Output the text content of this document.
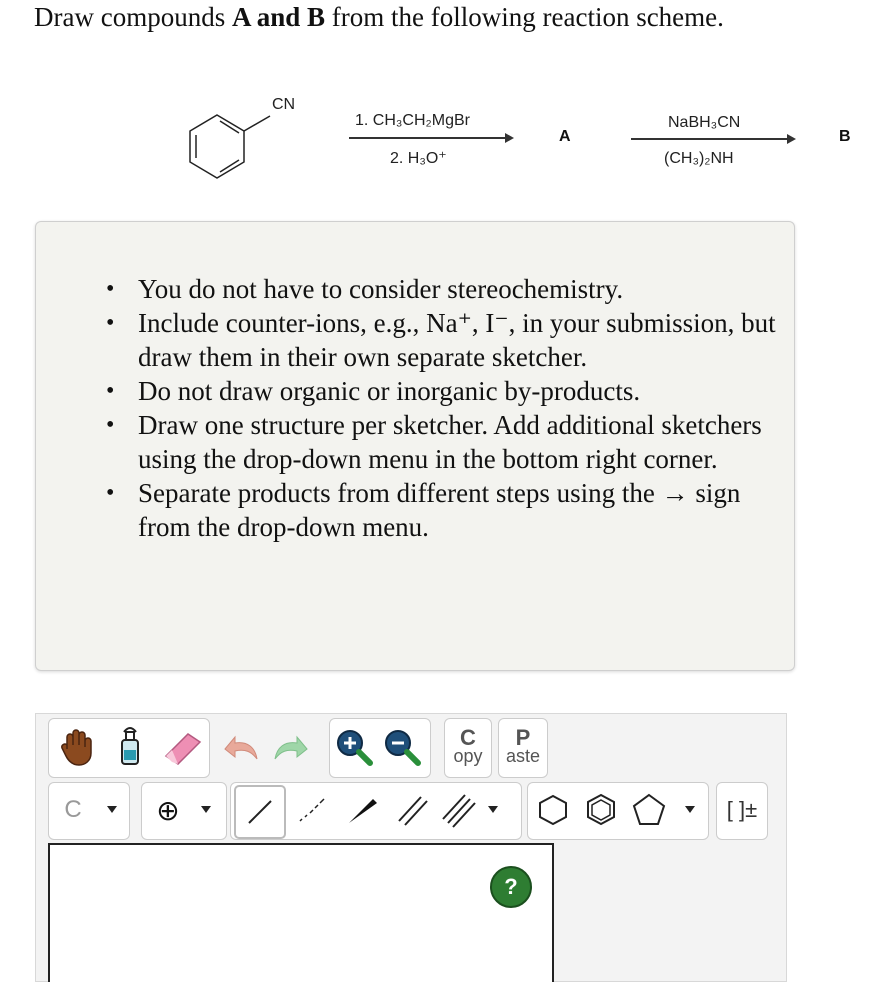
Draw compounds A and B from the following reaction scheme.
CN
1. CH₃CH₂MgBr
2. H₃O⁺
A
NaBH₃CN
(CH₃)₂NH
B
• You do not have to consider stereochemistry.
• Include counter-ions, e.g., Na⁺, I⁻, in your submission, but draw them in their own separate sketcher.
• Do not draw organic or inorganic by-products.
• Draw one structure per sketcher. Add additional sketchers using the drop-down menu in the bottom right corner.
• Separate products from different steps using the → sign from the drop-down menu.
C
opy
P
aste
C	⊕	[ ]±
?
